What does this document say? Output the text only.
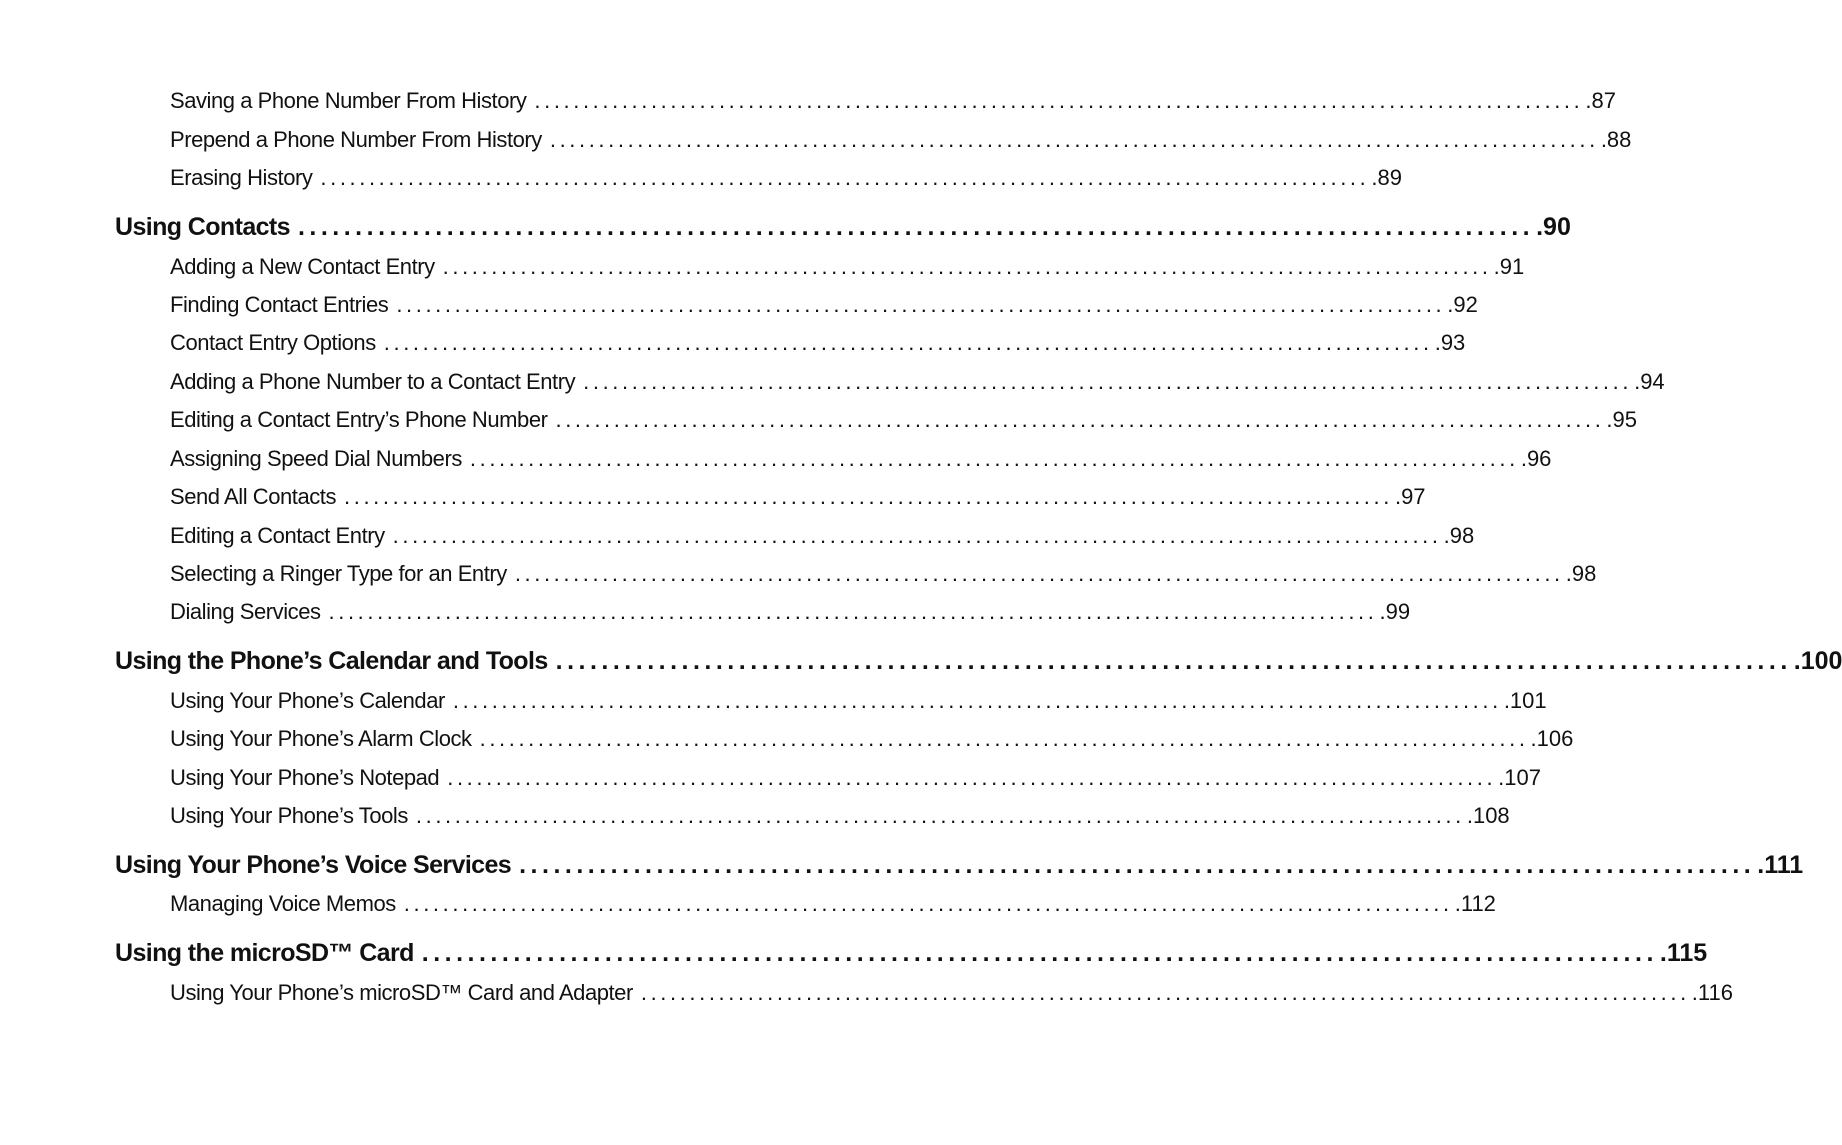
Saving a Phone Number From History ............................................................................................................ .87
Prepend a Phone Number From History ............................................................................................................ .88
Erasing History ............................................................................................................ .89
Using Contacts ............................................................................................................ .90
Adding a New Contact Entry ............................................................................................................ .91
Finding Contact Entries ............................................................................................................ .92
Contact Entry Options ............................................................................................................ .93
Adding a Phone Number to a Contact Entry ............................................................................................................ .94
Editing a Contact Entry’s Phone Number ............................................................................................................ .95
Assigning Speed Dial Numbers ............................................................................................................ .96
Send All Contacts ............................................................................................................ .97
Editing a Contact Entry ............................................................................................................ .98
Selecting a Ringer Type for an Entry ............................................................................................................ .98
Dialing Services ............................................................................................................ .99
Using the Phone’s Calendar and Tools ............................................................................................................ .100
Using Your Phone’s Calendar ............................................................................................................ .101
Using Your Phone’s Alarm Clock ............................................................................................................ .106
Using Your Phone’s Notepad ............................................................................................................ .107
Using Your Phone’s Tools ............................................................................................................ .108
Using Your Phone’s Voice Services ............................................................................................................ .111
Managing Voice Memos ............................................................................................................ .112
Using the microSD™ Card ............................................................................................................ .115
Using Your Phone’s microSD™ Card and Adapter ............................................................................................................ .116
